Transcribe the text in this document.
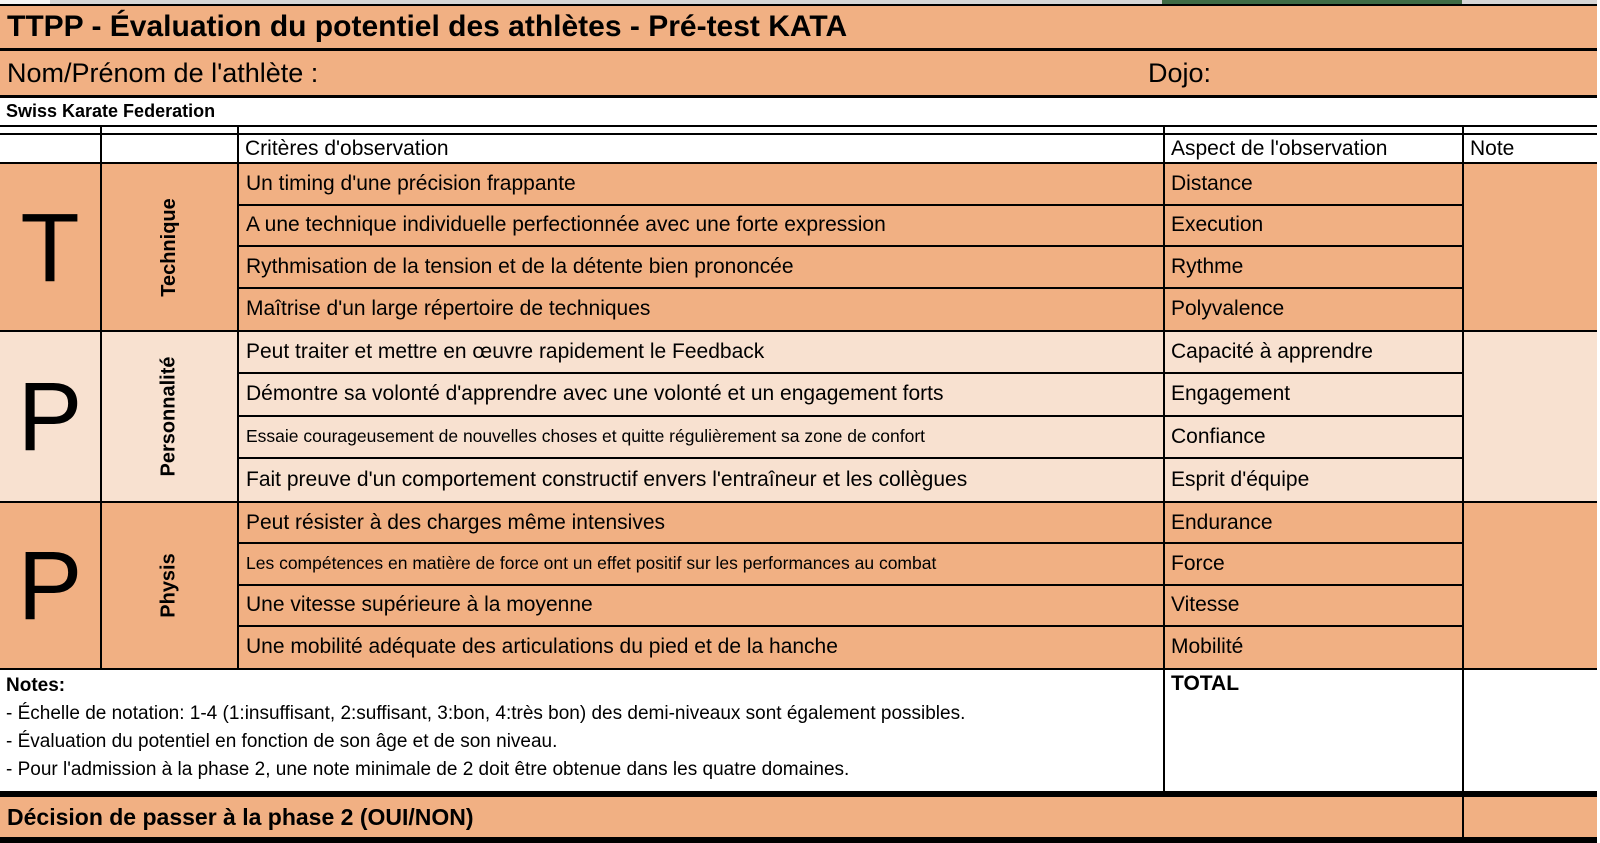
TTPP - Évaluation du potentiel des athlètes - Pré-test KATA
Nom/Prénom de l'athlète :	Dojo:
Swiss Karate Federation
Critères d'observation	Aspect de l'observation	Note
T	Technique
Un timing d'une précision frappante	Distance
A une technique individuelle perfectionnée avec une forte expression	Execution
Rythmisation de la tension et de la détente bien prononcée	Rythme
Maîtrise d'un large répertoire de techniques	Polyvalence
P	Personnalité
Peut traiter et mettre en œuvre rapidement le Feedback	Capacité à apprendre
Démontre sa volonté d'apprendre avec une volonté et un engagement forts	Engagement
Essaie courageusement de nouvelles choses et quitte régulièrement sa zone de confort	Confiance
Fait preuve d'un comportement constructif envers l'entraîneur et les collègues	Esprit d'équipe
P	Physis
Peut résister à des charges même intensives	Endurance
Les compétences en matière de force ont un effet positif sur les performances au combat	Force
Une vitesse supérieure à la moyenne	Vitesse
Une mobilité adéquate des articulations du pied et de la hanche	Mobilité
Notes:
- Échelle de notation: 1-4 (1:insuffisant, 2:suffisant, 3:bon, 4:très bon) des demi-niveaux sont également possibles.
- Évaluation du potentiel en fonction de son âge et de son niveau.
- Pour l'admission à la phase 2, une note minimale de 2 doit être obtenue dans les quatre domaines.
TOTAL
Décision de passer à la phase 2 (OUI/NON)
